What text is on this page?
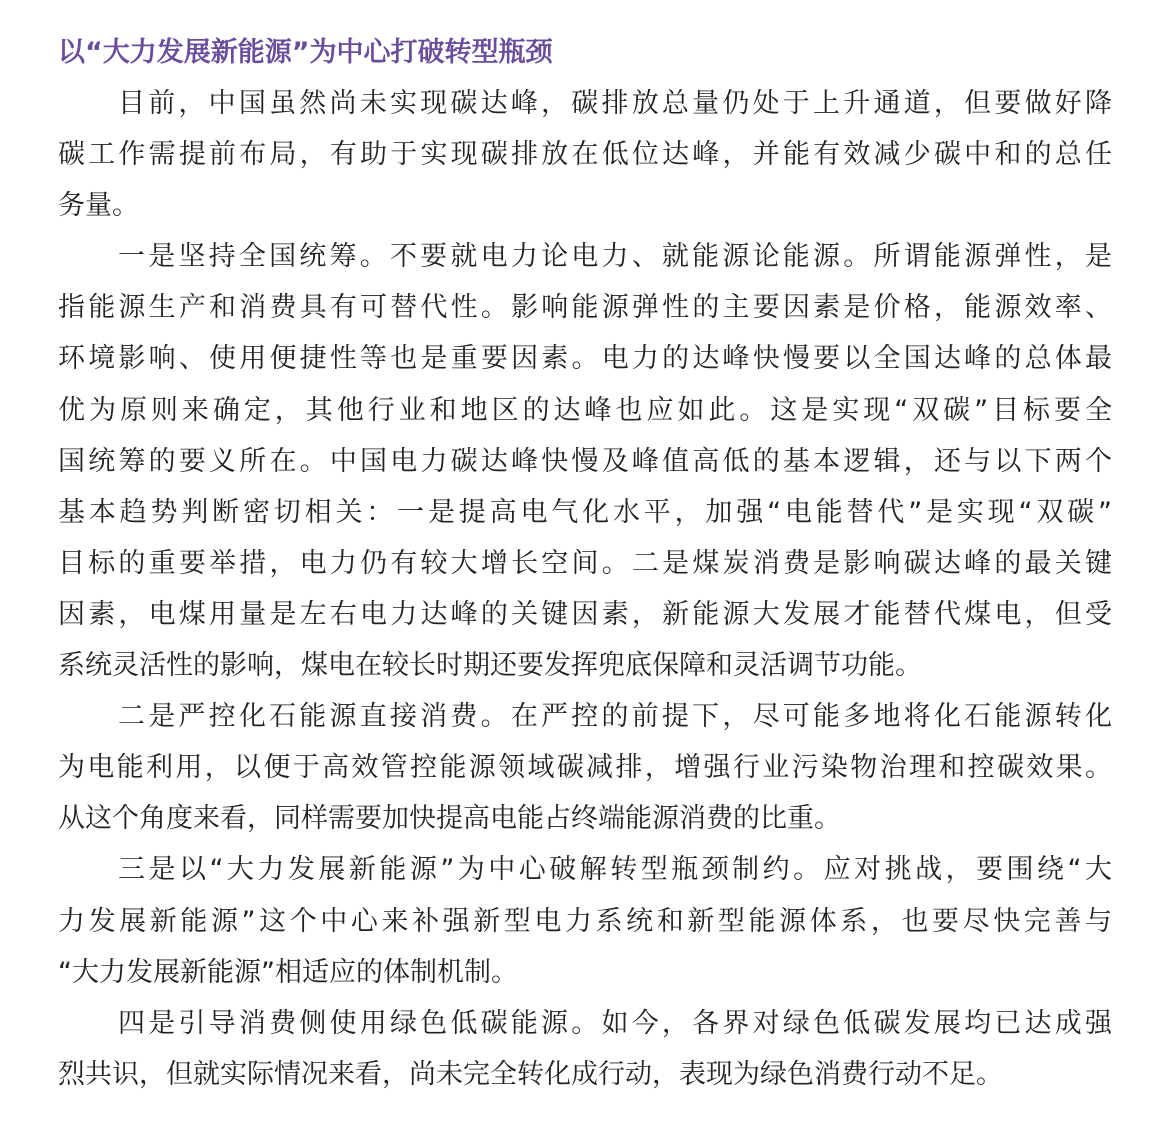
以“大力发展新能源”为中心打破转型瓶颈
目前，中国虽然尚未实现碳达峰，碳排放总量仍处于上升通道，但要做好降
碳工作需提前布局，有助于实现碳排放在低位达峰，并能有效减少碳中和的总任
务量。
一是坚持全国统筹。不要就电力论电力、就能源论能源。所谓能源弹性，是
指能源生产和消费具有可替代性。影响能源弹性的主要因素是价格，能源效率、
环境影响、使用便捷性等也是重要因素。电力的达峰快慢要以全国达峰的总体最
优为原则来确定，其他行业和地区的达峰也应如此。这是实现“双碳”目标要全
国统筹的要义所在。中国电力碳达峰快慢及峰值高低的基本逻辑，还与以下两个
基本趋势判断密切相关：一是提高电气化水平，加强“电能替代”是实现“双碳”
目标的重要举措，电力仍有较大增长空间。二是煤炭消费是影响碳达峰的最关键
因素，电煤用量是左右电力达峰的关键因素，新能源大发展才能替代煤电，但受
系统灵活性的影响，煤电在较长时期还要发挥兜底保障和灵活调节功能。
二是严控化石能源直接消费。在严控的前提下，尽可能多地将化石能源转化
为电能利用，以便于高效管控能源领域碳减排，增强行业污染物治理和控碳效果。
从这个角度来看，同样需要加快提高电能占终端能源消费的比重。
三是以“大力发展新能源”为中心破解转型瓶颈制约。应对挑战，要围绕“大
力发展新能源”这个中心来补强新型电力系统和新型能源体系，也要尽快完善与
“大力发展新能源”相适应的体制机制。
四是引导消费侧使用绿色低碳能源。如今，各界对绿色低碳发展均已达成强
烈共识，但就实际情况来看，尚未完全转化成行动，表现为绿色消费行动不足。
